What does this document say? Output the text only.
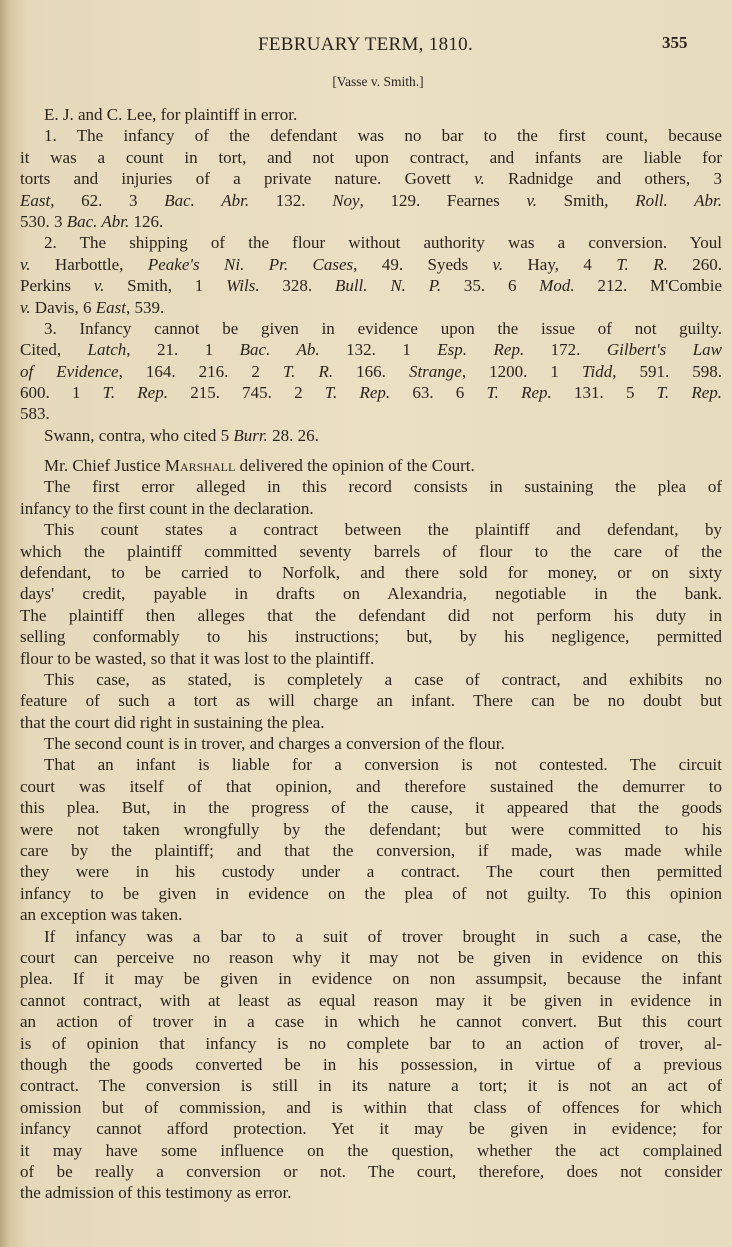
FEBRUARY TERM, 1810.	355
[Vasse v. Smith.]
E. J. and C. Lee, for plaintiff in error.
1. The infancy of the defendant was no bar to the first count, because
it was a count in tort, and not upon contract, and infants are liable for
torts and injuries of a private nature. Govett v. Radnidge and others, 3
East, 62. 3 Bac. Abr. 132. Noy, 129. Fearnes v. Smith, Roll. Abr.
530. 3 Bac. Abr. 126.
2. The shipping of the flour without authority was a conversion. Youl
v. Harbottle, Peake's Ni. Pr. Cases, 49. Syeds v. Hay, 4 T. R. 260.
Perkins v. Smith, 1 Wils. 328. Bull. N. P. 35. 6 Mod. 212. M'Combie
v. Davis, 6 East, 539.
3. Infancy cannot be given in evidence upon the issue of not guilty.
Cited, Latch, 21. 1 Bac. Ab. 132. 1 Esp. Rep. 172. Gilbert's Law
of Evidence, 164. 216. 2 T. R. 166. Strange, 1200. 1 Tidd, 591. 598.
600. 1 T. Rep. 215. 745. 2 T. Rep. 63. 6 T. Rep. 131. 5 T. Rep.
583.
Swann, contra, who cited 5 Burr. 28. 26.
Mr. Chief Justice Marshall delivered the opinion of the Court.
The first error alleged in this record consists in sustaining the plea of
infancy to the first count in the declaration.
This count states a contract between the plaintiff and defendant, by
which the plaintiff committed seventy barrels of flour to the care of the
defendant, to be carried to Norfolk, and there sold for money, or on sixty
days' credit, payable in drafts on Alexandria, negotiable in the bank.
The plaintiff then alleges that the defendant did not perform his duty in
selling conformably to his instructions; but, by his negligence, permitted
flour to be wasted, so that it was lost to the plaintiff.
This case, as stated, is completely a case of contract, and exhibits no
feature of such a tort as will charge an infant. There can be no doubt but
that the court did right in sustaining the plea.
The second count is in trover, and charges a conversion of the flour.
That an infant is liable for a conversion is not contested. The circuit
court was itself of that opinion, and therefore sustained the demurrer to
this plea. But, in the progress of the cause, it appeared that the goods
were not taken wrongfully by the defendant; but were committed to his
care by the plaintiff; and that the conversion, if made, was made while
they were in his custody under a contract. The court then permitted
infancy to be given in evidence on the plea of not guilty. To this opinion
an exception was taken.
If infancy was a bar to a suit of trover brought in such a case, the
court can perceive no reason why it may not be given in evidence on this
plea. If it may be given in evidence on non assumpsit, because the infant
cannot contract, with at least as equal reason may it be given in evidence in
an action of trover in a case in which he cannot convert. But this court
is of opinion that infancy is no complete bar to an action of trover, al-
though the goods converted be in his possession, in virtue of a previous
contract. The conversion is still in its nature a tort; it is not an act of
omission but of commission, and is within that class of offences for which
infancy cannot afford protection. Yet it may be given in evidence; for
it may have some influence on the question, whether the act complained
of be really a conversion or not. The court, therefore, does not consider
the admission of this testimony as error.
